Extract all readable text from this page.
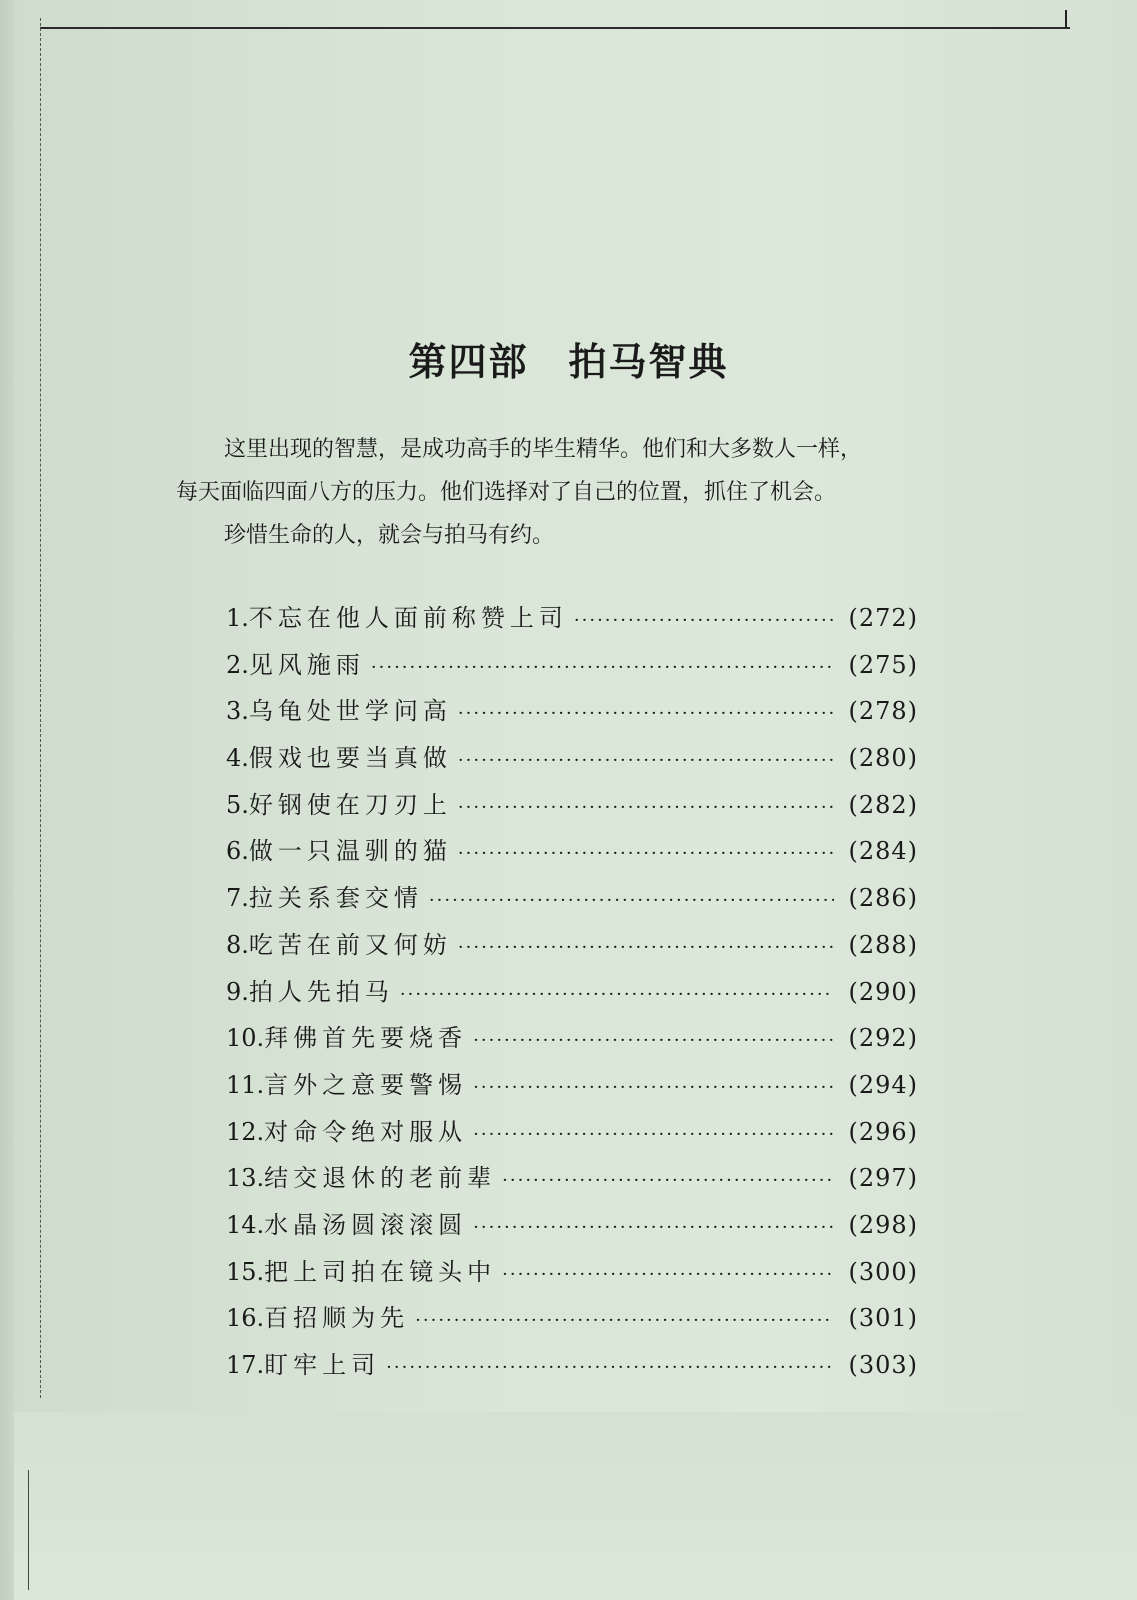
第四部　拍马智典

这里出现的智慧，是成功高手的毕生精华。他们和大多数人一样，

每天面临四面八方的压力。他们选择对了自己的位置，抓住了机会。

珍惜生命的人，就会与拍马有约。

1. 不忘在他人面前称赞上司 ·····	(272)
2. 见风施雨 ·····	(275)
3. 乌龟处世学问高 ·····	(278)
4. 假戏也要当真做 ·····	(280)
5. 好钢使在刀刃上 ·····	(282)
6. 做一只温驯的猫 ·····	(284)
7. 拉关系套交情 ·····	(286)
8. 吃苦在前又何妨 ·····	(288)
9. 拍人先拍马 ·····	(290)
10. 拜佛首先要烧香 ·····	(292)
11. 言外之意要警惕 ·····	(294)
12. 对命令绝对服从 ·····	(296)
13. 结交退休的老前辈 ·····	(297)
14. 水晶汤圆滚滚圆 ·····	(298)
15. 把上司拍在镜头中 ·····	(300)
16. 百招顺为先 ·····	(301)
17. 盯牢上司 ·····	(303)
